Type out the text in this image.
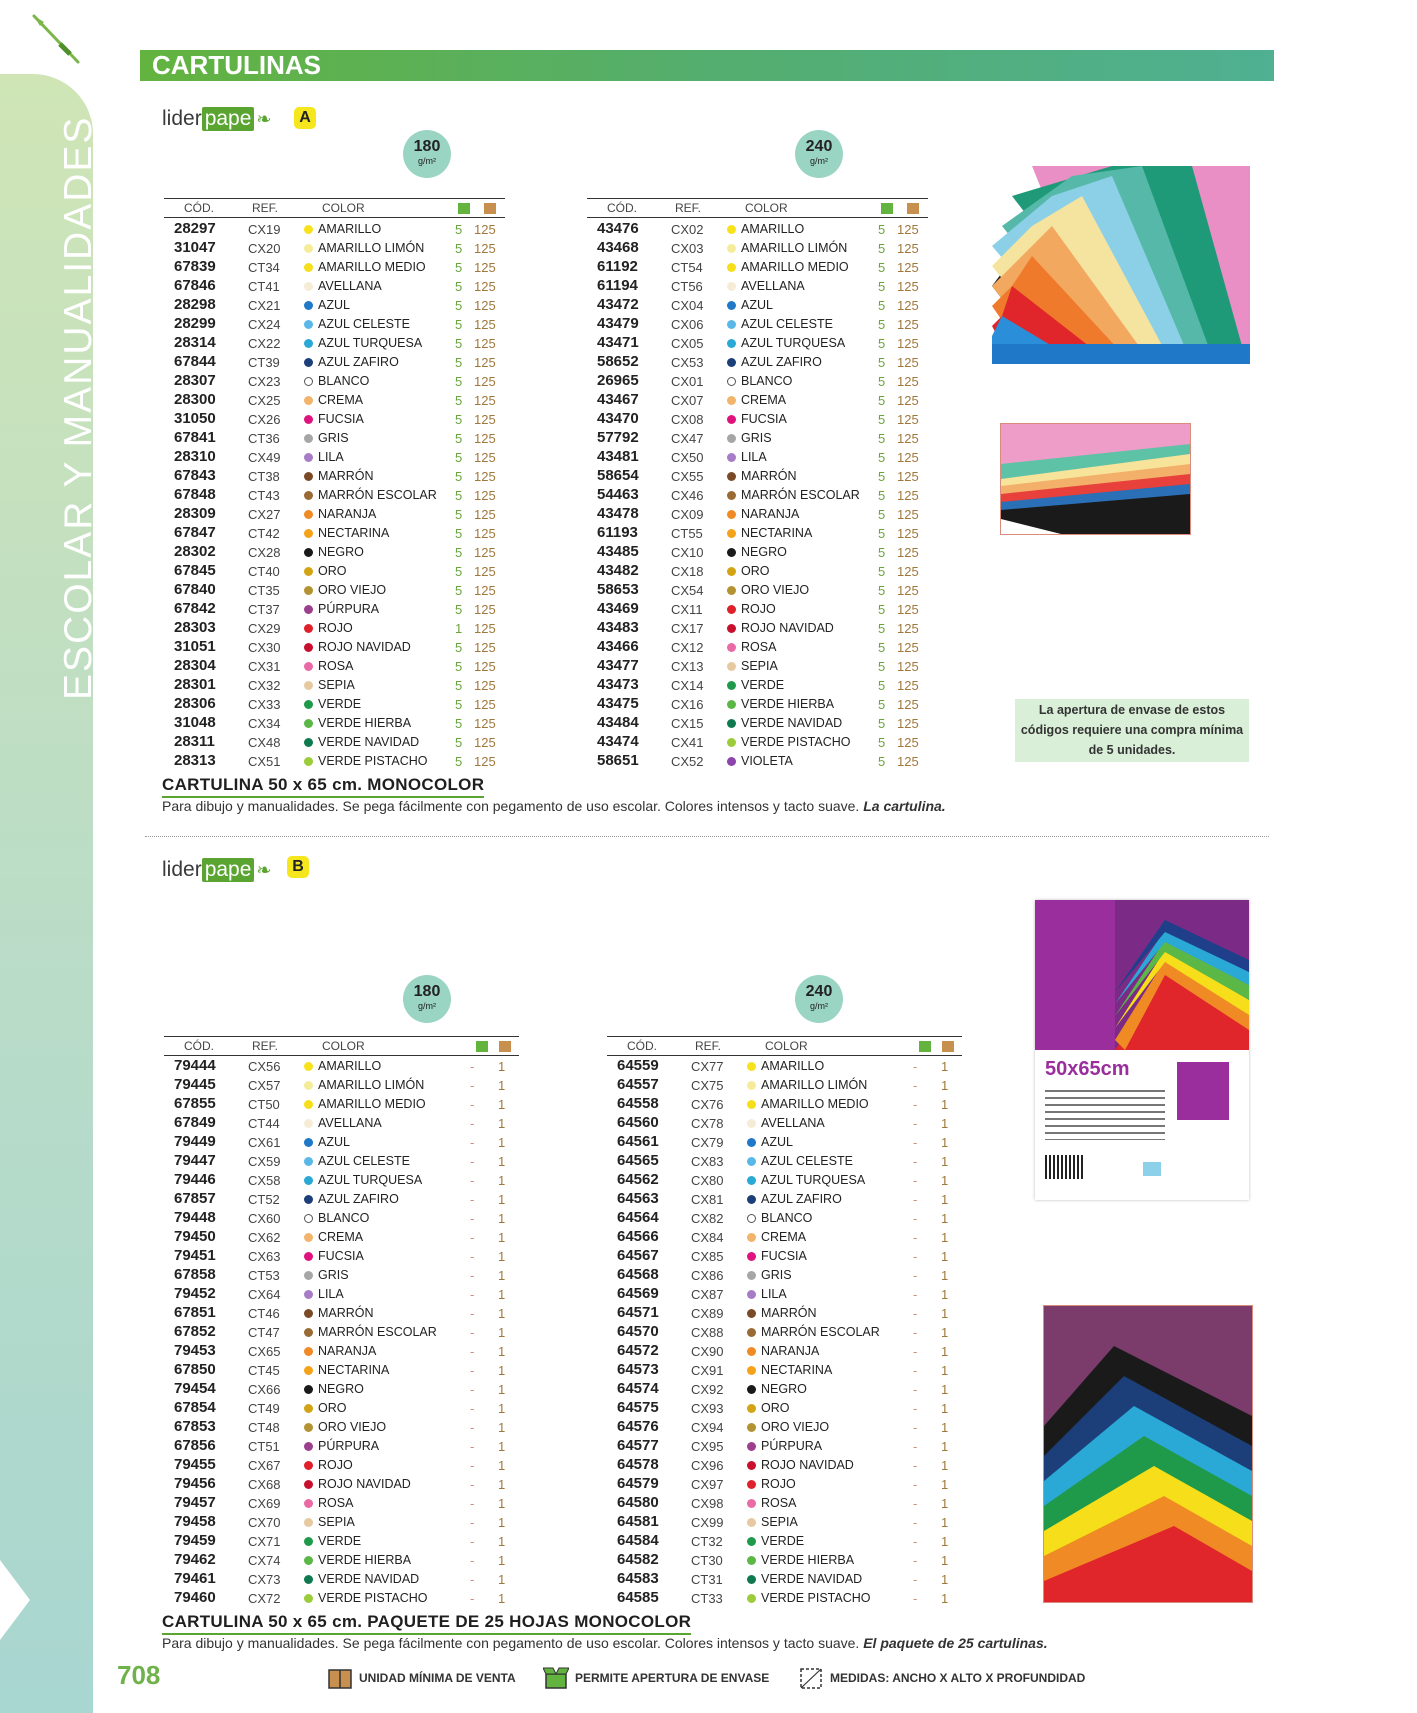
ESCOLAR Y MANUALIDADES
CARTULINAS
lider pape ❧	A
180
g/m²
240
g/m²
CÓD.	REF.	COLOR
28297 CX19	AMARILLO	5 125
31047 CX20	AMARILLO LIMÓN 5 125
67839 CT34	AMARILLO MEDIO 5 125
67846 CT41	AVELLANA	5 125
28298 CX21	AZUL	5 125
28299 CX24	AZUL CELESTE	5 125
28314 CX22	AZUL TURQUESA	5 125
67844 CT39	AZUL ZAFIRO	5 125
28307 CX23	BLANCO	5 125
28300 CX25	CREMA	5 125
31050 CX26	FUCSIA	5 125
67841 CT36	GRIS	5 125
28310 CX49	LILA	5 125
67843 CT38	MARRÓN	5 125
67848 CT43	MARRÓN ESCOLAR 5 125
28309 CX27	NARANJA	5 125
67847 CT42	NECTARINA	5 125
28302 CX28	NEGRO	5 125
67845 CT40	ORO	5 125
67840 CT35	ORO VIEJO	5 125
67842 CT37	PÚRPURA	5 125
28303 CX29	ROJO	1 125
31051 CX30	ROJO NAVIDAD	5 125
28304 CX31	ROSA	5 125
28301 CX32	SEPIA	5 125
28306 CX33	VERDE	5 125
31048 CX34	VERDE HIERBA	5 125
28311	CX48	VERDE NAVIDAD	5 125
28313 CX51	VERDE PISTACHO 5 125
CÓD.	REF.	COLOR
43476 CX02	AMARILLO	5 125
43468 CX03	AMARILLO LIMÓN 5 125
61192	CT54	AMARILLO MEDIO 5 125
61194	CT56	AVELLANA	5 125
43472 CX04	AZUL	5 125
43479 CX06	AZUL CELESTE	5 125
43471 CX05	AZUL TURQUESA	5 125
58652 CX53	AZUL ZAFIRO	5 125
26965 CX01	BLANCO	5 125
43467 CX07	CREMA	5 125
43470 CX08	FUCSIA	5 125
57792 CX47	GRIS	5 125
43481 CX50	LILA	5 125
58654 CX55	MARRÓN	5 125
54463 CX46	MARRÓN ESCOLAR 5 125
43478 CX09	NARANJA	5 125
61193	CT55	NECTARINA	5 125
43485 CX10	NEGRO	5 125
43482 CX18	ORO	5 125
58653 CX54	ORO VIEJO	5 125
43469 CX11	ROJO	5 125
43483 CX17	ROJO NAVIDAD	5 125
43466 CX12	ROSA	5 125
43477 CX13	SEPIA	5 125
43473 CX14	VERDE	5 125
43475 CX16	VERDE HIERBA	5 125
43484 CX15	VERDE NAVIDAD	5 125
43474 CX41	VERDE PISTACHO 5 125
58651 CX52	VIOLETA	5 125
La apertura de envase de estos códigos requiere una compra mínima de 5 unidades.
CARTULINA 50 x 65 cm. MONOCOLOR
Para dibujo y manualidades. Se pega fácilmente con pegamento de uso escolar. Colores intensos y tacto suave. La cartulina.
lider pape ❧	B
180
g/m²
240
g/m²
CÓD.	REF.	COLOR
79444 CX56	AMARILLO	- 1
79445 CX57	AMARILLO LIMÓN	- 1
67855 CT50	AMARILLO MEDIO	- 1
67849 CT44	AVELLANA	- 1
79449 CX61	AZUL	- 1
79447 CX59	AZUL CELESTE	- 1
79446 CX58	AZUL TURQUESA	- 1
67857 CT52	AZUL ZAFIRO	- 1
79448 CX60	BLANCO	- 1
79450 CX62	CREMA	- 1
79451 CX63	FUCSIA	- 1
67858 CT53	GRIS	- 1
79452 CX64	LILA	- 1
67851 CT46	MARRÓN	- 1
67852 CT47	MARRÓN ESCOLAR	- 1
79453 CX65	NARANJA	- 1
67850 CT45	NECTARINA	- 1
79454 CX66	NEGRO	- 1
67854 CT49	ORO	- 1
67853 CT48	ORO VIEJO	- 1
67856 CT51	PÚRPURA	- 1
79455 CX67	ROJO	- 1
79456 CX68	ROJO NAVIDAD	- 1
79457 CX69	ROSA	- 1
79458 CX70	SEPIA	- 1
79459 CX71	VERDE	- 1
79462 CX74	VERDE HIERBA	- 1
79461 CX73	VERDE NAVIDAD	- 1
79460 CX72	VERDE PISTACHO	- 1
CÓD.	REF.	COLOR
64559 CX77	AMARILLO	- 1
64557 CX75	AMARILLO LIMÓN	- 1
64558 CX76	AMARILLO MEDIO	- 1
64560 CX78	AVELLANA	- 1
64561 CX79	AZUL	- 1
64565 CX83	AZUL CELESTE	- 1
64562 CX80	AZUL TURQUESA	- 1
64563 CX81	AZUL ZAFIRO	- 1
64564 CX82	BLANCO	- 1
64566 CX84	CREMA	- 1
64567 CX85	FUCSIA	- 1
64568 CX86	GRIS	- 1
64569 CX87	LILA	- 1
64571 CX89	MARRÓN	- 1
64570 CX88	MARRÓN ESCOLAR	- 1
64572 CX90	NARANJA	- 1
64573 CX91	NECTARINA	- 1
64574 CX92	NEGRO	- 1
64575 CX93	ORO	- 1
64576 CX94	ORO VIEJO	- 1
64577 CX95	PÚRPURA	- 1
64578 CX96	ROJO NAVIDAD	- 1
64579 CX97	ROJO	- 1
64580 CX98	ROSA	- 1
64581 CX99	SEPIA	- 1
64584 CT32	VERDE	- 1
64582 CT30	VERDE HIERBA	- 1
64583 CT31	VERDE NAVIDAD	- 1
64585 CT33	VERDE PISTACHO	- 1
50x65cm
CARTULINA 50 x 65 cm. PAQUETE DE 25 HOJAS MONOCOLOR
Para dibujo y manualidades. Se pega fácilmente con pegamento de uso escolar. Colores intensos y tacto suave. El paquete de 25 cartulinas.
708	UNIDAD MÍNIMA DE VENTA	PERMITE APERTURA DE ENVASE	MEDIDAS: ANCHO X ALTO X PROFUNDIDAD
